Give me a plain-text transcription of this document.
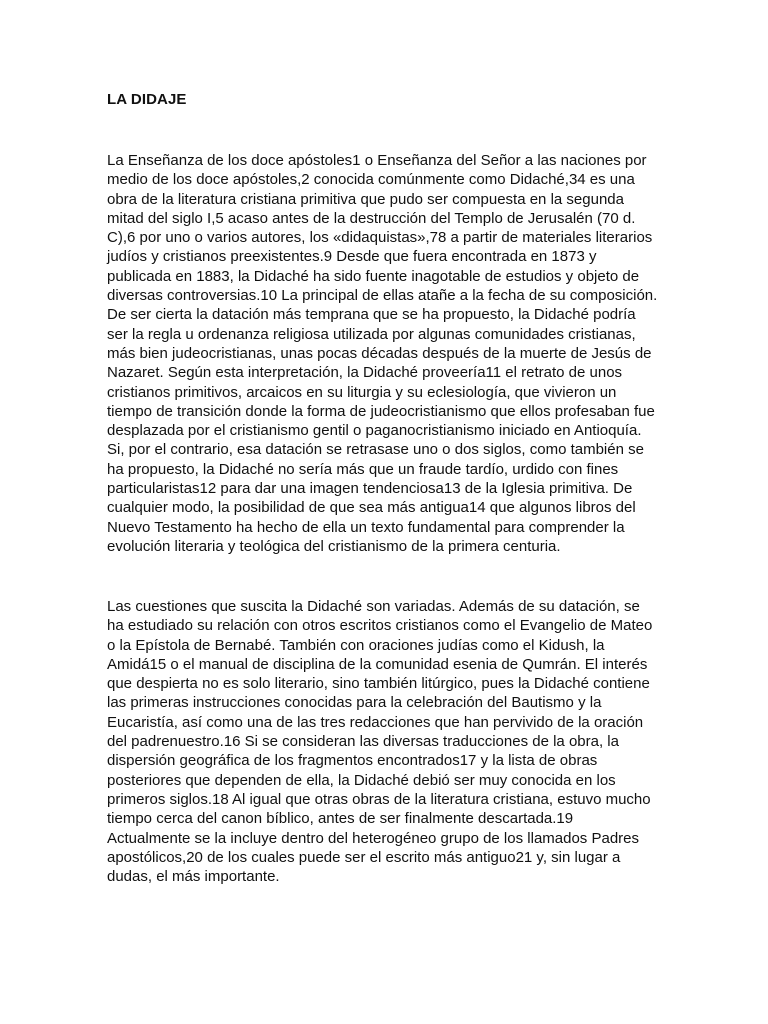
LA DIDAJE

La Enseñanza de los doce apóstoles1 o Enseñanza del Señor a las naciones por
medio de los doce apóstoles,2 conocida comúnmente como Didaché,34 es una
obra de la literatura cristiana primitiva que pudo ser compuesta en la segunda
mitad del siglo I,5 acaso antes de la destrucción del Templo de Jerusalén (70 d.
C),6 por uno o varios autores, los «didaquistas»,78 a partir de materiales literarios
judíos y cristianos preexistentes.9 Desde que fuera encontrada en 1873 y
publicada en 1883, la Didaché ha sido fuente inagotable de estudios y objeto de
diversas controversias.10 La principal de ellas atañe a la fecha de su composición.
De ser cierta la datación más temprana que se ha propuesto, la Didaché podría
ser la regla u ordenanza religiosa utilizada por algunas comunidades cristianas,
más bien judeocristianas, unas pocas décadas después de la muerte de Jesús de
Nazaret. Según esta interpretación, la Didaché proveería11 el retrato de unos
cristianos primitivos, arcaicos en su liturgia y su eclesiología, que vivieron un
tiempo de transición donde la forma de judeocristianismo que ellos profesaban fue
desplazada por el cristianismo gentil o paganocristianismo iniciado en Antioquía.
Si, por el contrario, esa datación se retrasase uno o dos siglos, como también se
ha propuesto, la Didaché no sería más que un fraude tardío, urdido con fines
particularistas12 para dar una imagen tendenciosa13 de la Iglesia primitiva. De
cualquier modo, la posibilidad de que sea más antigua14 que algunos libros del
Nuevo Testamento ha hecho de ella un texto fundamental para comprender la
evolución literaria y teológica del cristianismo de la primera centuria.

Las cuestiones que suscita la Didaché son variadas. Además de su datación, se
ha estudiado su relación con otros escritos cristianos como el Evangelio de Mateo
o la Epístola de Bernabé. También con oraciones judías como el Kidush, la
Amidá15 o el manual de disciplina de la comunidad esenia de Qumrán. El interés
que despierta no es solo literario, sino también litúrgico, pues la Didaché contiene
las primeras instrucciones conocidas para la celebración del Bautismo y la
Eucaristía, así como una de las tres redacciones que han pervivido de la oración
del padrenuestro.16 Si se consideran las diversas traducciones de la obra, la
dispersión geográfica de los fragmentos encontrados17 y la lista de obras
posteriores que dependen de ella, la Didaché debió ser muy conocida en los
primeros siglos.18 Al igual que otras obras de la literatura cristiana, estuvo mucho
tiempo cerca del canon bíblico, antes de ser finalmente descartada.19
Actualmente se la incluye dentro del heterogéneo grupo de los llamados Padres
apostólicos,20 de los cuales puede ser el escrito más antiguo21 y, sin lugar a
dudas, el más importante.
